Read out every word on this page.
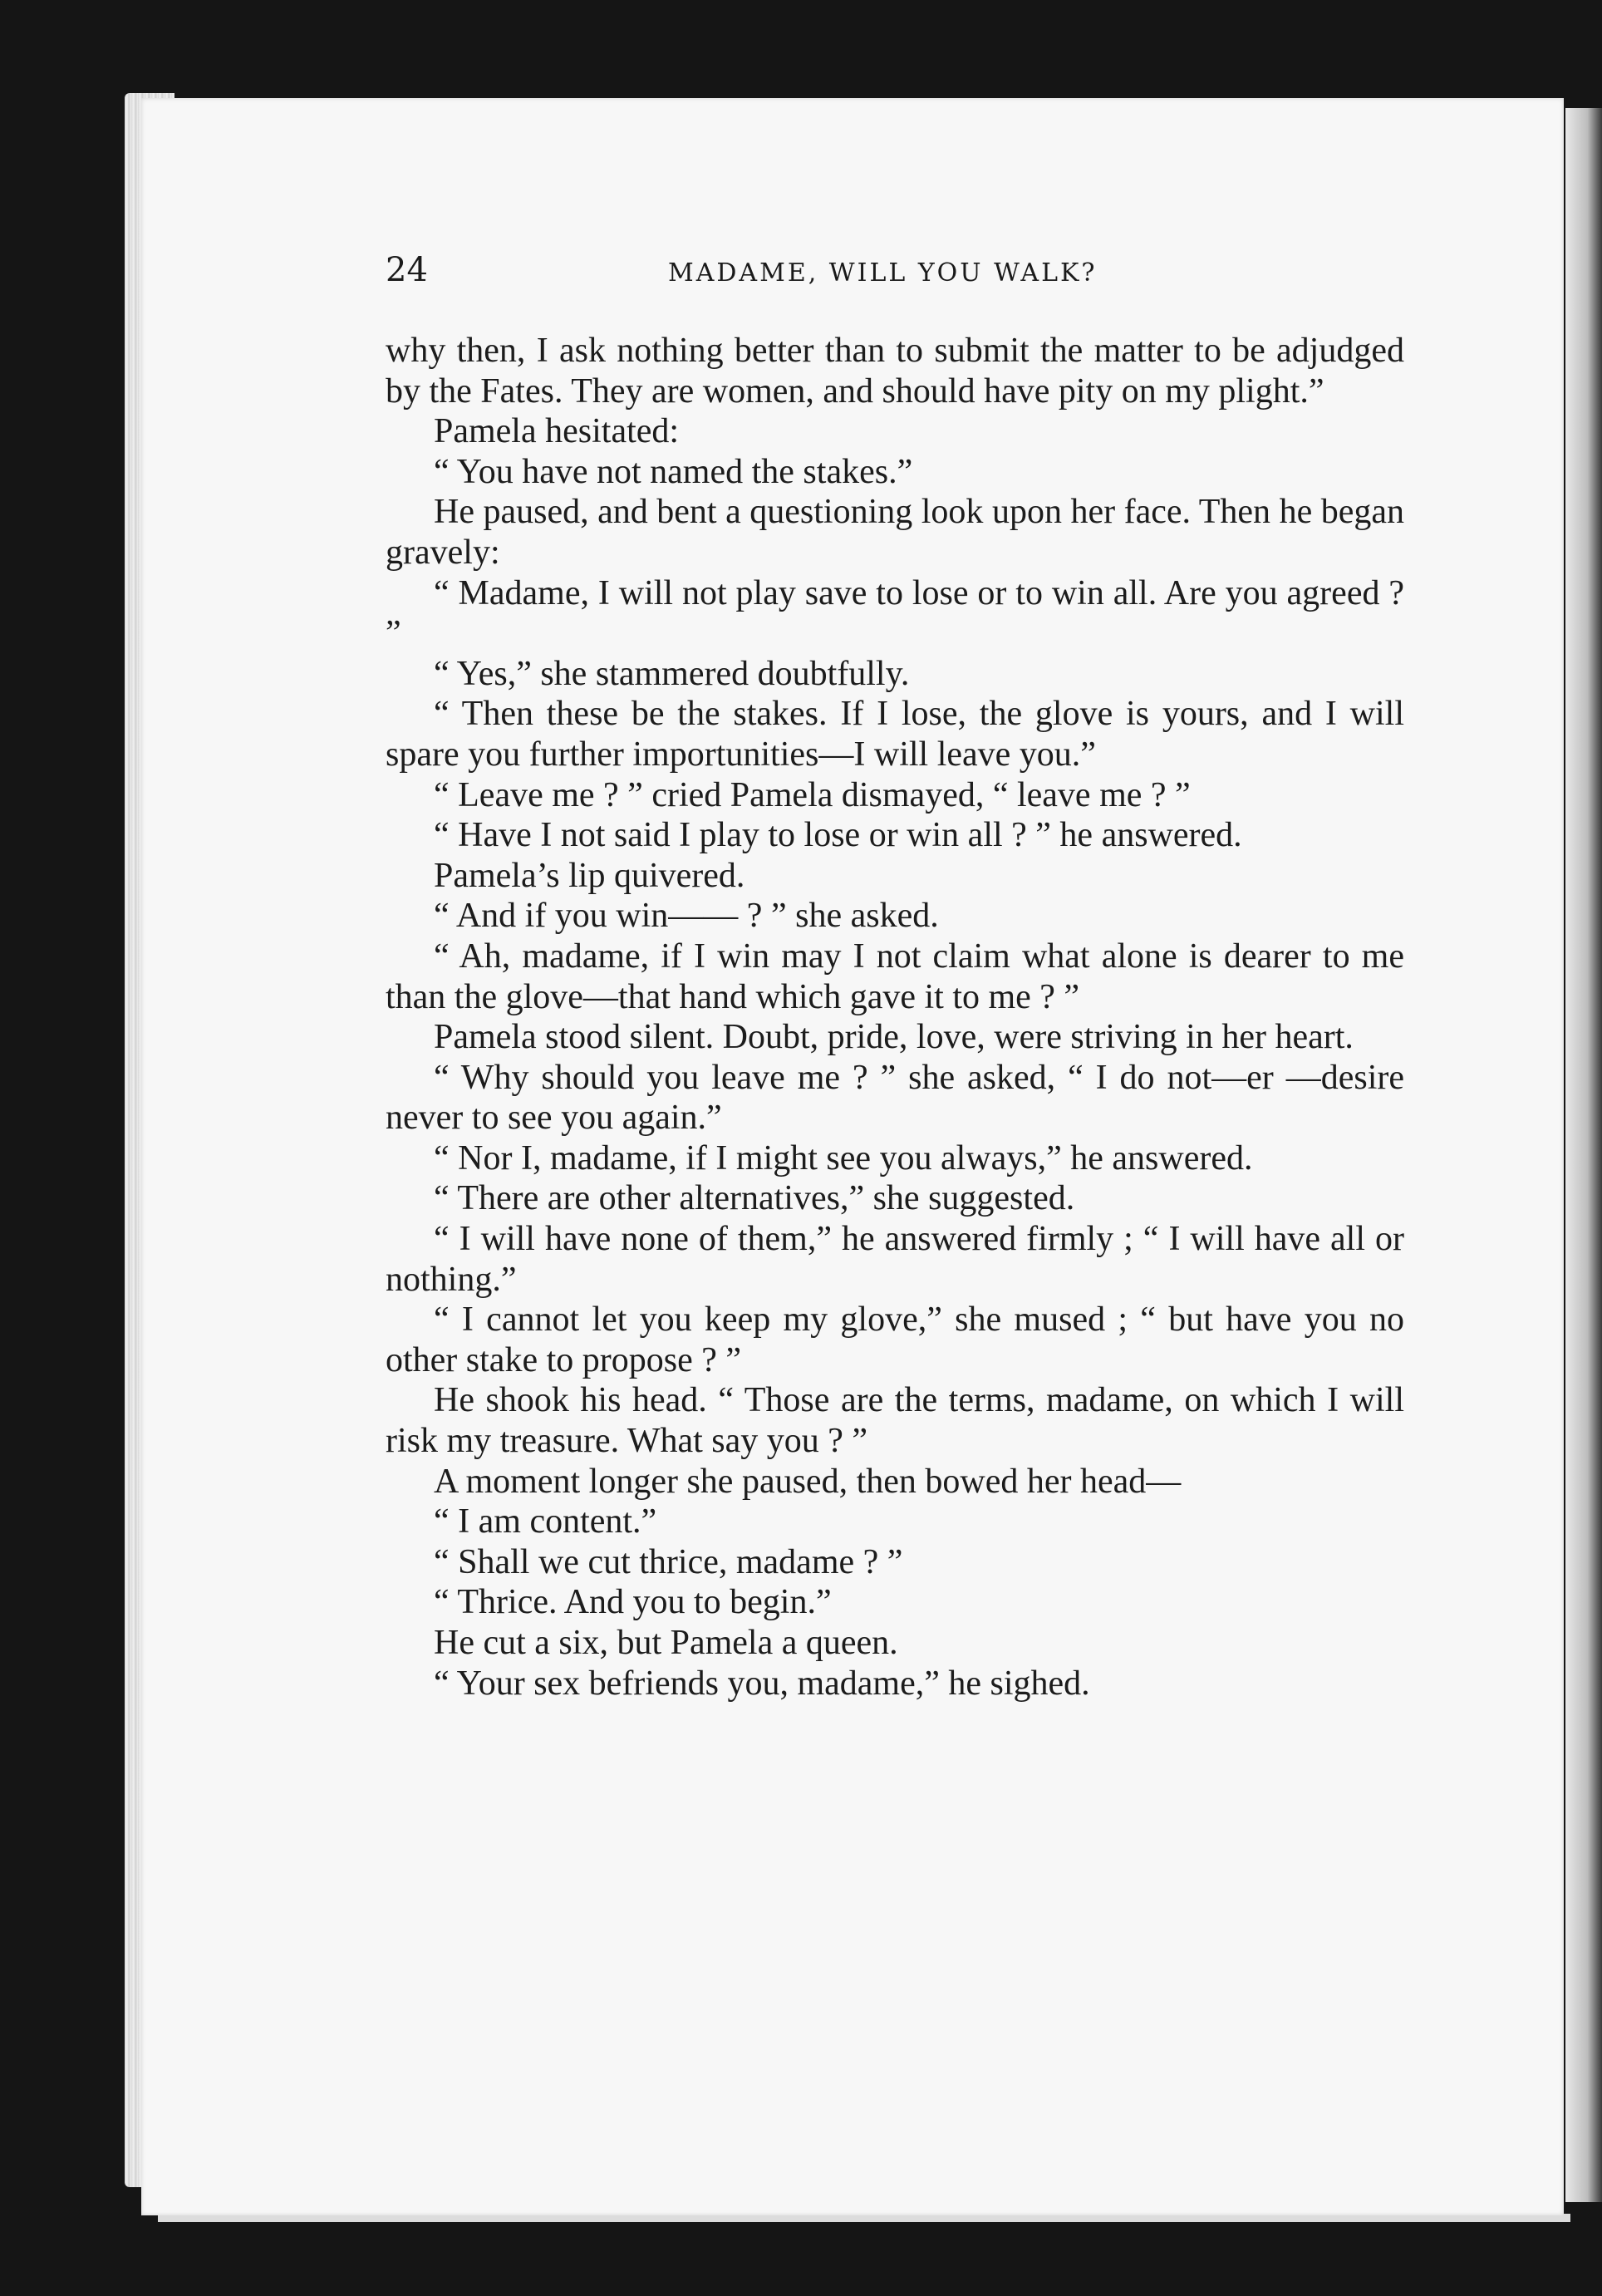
24	MADAME, WILL YOU WALK?

why then, I ask nothing better than to submit the matter to be adjudged by the Fates. They are women, and should have pity on my plight.”

Pamela hesitated:

“ You have not named the stakes.”

He paused, and bent a questioning look upon her face. Then he began gravely:

“ Madame, I will not play save to lose or to win all. Are you agreed ? ”

“ Yes,” she stammered doubtfully.

“ Then these be the stakes. If I lose, the glove is yours, and I will spare you further importunities—I will leave you.”

“ Leave me ? ” cried Pamela dismayed, “ leave me ? ”

“ Have I not said I play to lose or win all ? ” he answered.

Pamela’s lip quivered.

“ And if you win—— ? ” she asked.

“ Ah, madame, if I win may I not claim what alone is dearer to me than the glove—that hand which gave it to me ? ”

Pamela stood silent. Doubt, pride, love, were striving in her heart.

“ Why should you leave me ? ” she asked, “ I do not—er —desire never to see you again.”

“ Nor I, madame, if I might see you always,” he answered.

“ There are other alternatives,” she suggested.

“ I will have none of them,” he answered firmly ; “ I will have all or nothing.”

“ I cannot let you keep my glove,” she mused ; “ but have you no other stake to propose ? ”

He shook his head. “ Those are the terms, madame, on which I will risk my treasure. What say you ? ”

A moment longer she paused, then bowed her head—

“ I am content.”

“ Shall we cut thrice, madame ? ”

“ Thrice. And you to begin.”

He cut a six, but Pamela a queen.

“ Your sex befriends you, madame,” he sighed.
